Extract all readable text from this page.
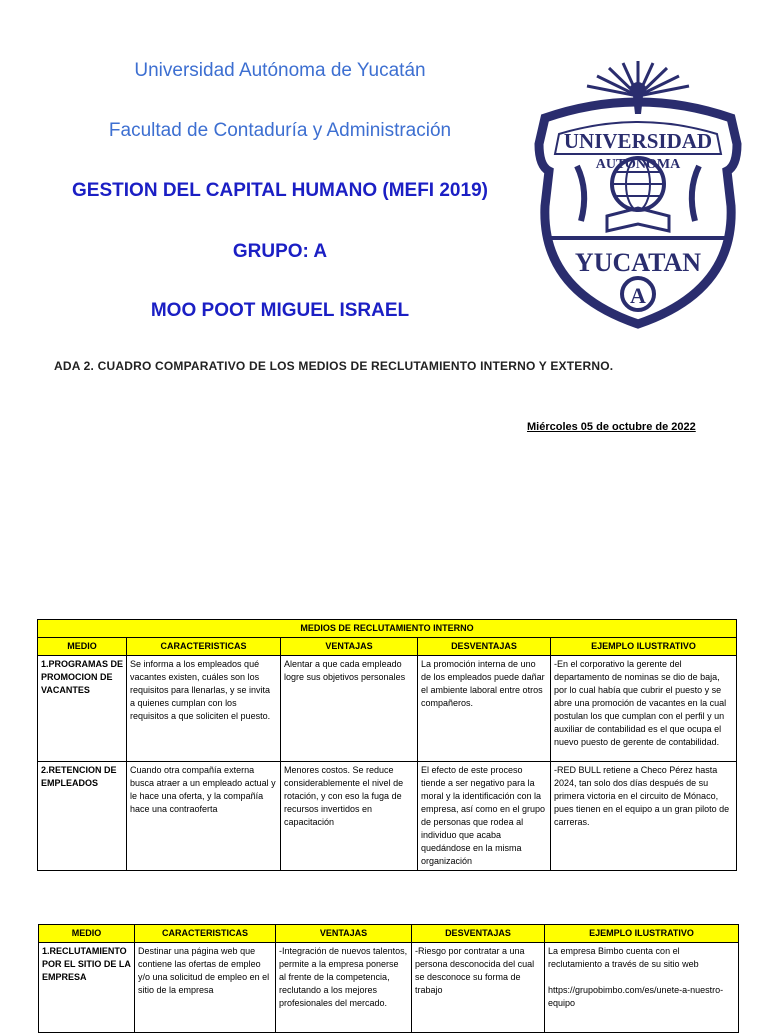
Universidad Autónoma de Yucatán
Facultad de Contaduría y Administración
GESTION DEL CAPITAL HUMANO (MEFI 2019)
GRUPO: A
MOO POOT MIGUEL ISRAEL
UNIVERSIDAD
AUTONOMA
YUCATAN
A
ADA 2. CUADRO COMPARATIVO DE LOS MEDIOS DE RECLUTAMIENTO INTERNO Y EXTERNO.
Miércoles 05 de octubre de 2022
MEDIOS DE RECLUTAMIENTO INTERNO				
MEDIO	CARACTERISTICAS	VENTAJAS	DESVENTAJAS	EJEMPLO ILUSTRATIVO
1.PROGRAMAS DE PROMOCION DE VACANTES	Se informa a los empleados qué vacantes existen, cuáles son los requisitos para llenarlas, y se invita a quienes cumplan con los requisitos a que soliciten el puesto.	Alentar a que cada empleado logre sus objetivos personales	La promoción interna de uno de los empleados puede dañar el ambiente laboral entre otros compañeros.	-En el corporativo la gerente del departamento de nominas se dio de baja, por lo cual había que cubrir el puesto y se abre una promoción de vacantes en la cual postulan los que cumplan con el perfil y un auxiliar de contabilidad es el que ocupa el nuevo puesto de gerente de contabilidad.
2.RETENCION DE EMPLEADOS	Cuando otra compañía externa busca atraer a un empleado actual y le hace una oferta, y la compañía hace una contraoferta	Menores costos. Se reduce considerablemente el nivel de rotación, y con eso la fuga de recursos invertidos en capacitación	El efecto de este proceso tiende a ser negativo para la moral y la identificación con la empresa, así como en el grupo de personas que rodea al individuo que acaba quedándose en la misma organización	-RED BULL retiene a Checo Pérez hasta 2024, tan solo dos días después de su primera victoria en el circuito de Mónaco, pues tienen en el equipo a un gran piloto de carreras.
MEDIO	CARACTERISTICAS	VENTAJAS	DESVENTAJAS	EJEMPLO ILUSTRATIVO
1.RECLUTAMIENTO POR EL SITIO DE LA EMPRESA	Destinar una página web que contiene las ofertas de empleo y/o una solicitud de empleo en el sitio de la empresa	-Integración de nuevos talentos, permite a la empresa ponerse al frente de la competencia, reclutando a los mejores profesionales del mercado.	-Riesgo por contratar a una persona desconocida del cual se desconoce su forma de trabajo	La empresa Bimbo cuenta con el reclutamiento a través de su sitio web

https://grupobimbo.com/es/unete-a-nuestro-equipo
